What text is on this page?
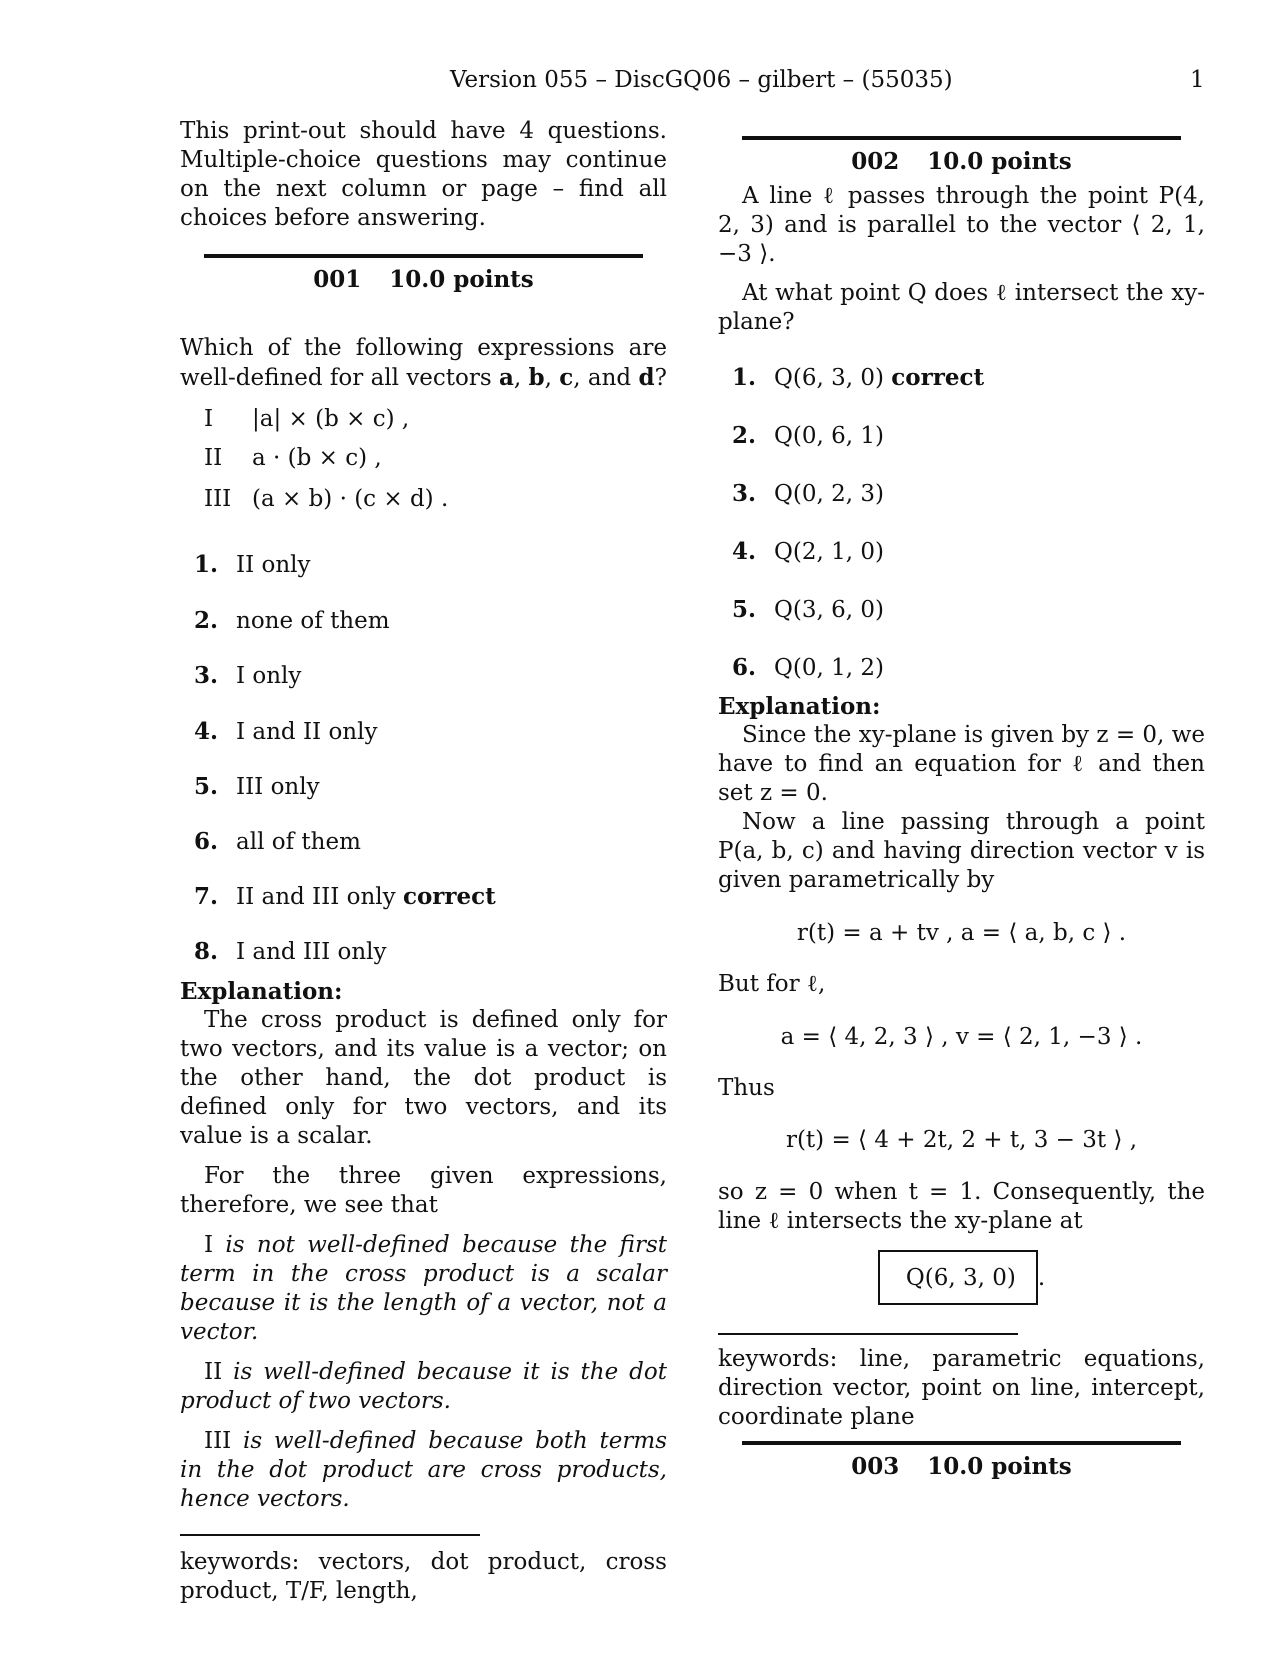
Version 055 – DiscGQ06 – gilbert – (55035)	1

This print-out should have 4 questions. Multiple-choice questions may continue on the next column or page – find all choices before answering.

001 10.0 points

Which of the following expressions are well-defined for all vectors a, b, c, and d?

I |a| × (b × c) ,
II a · (b × c) ,
III (a × b) · (c × d) .
1. II only
2. none of them
3. I only
4. I and II only
5. III only
6. all of them
7. II and III only correct
8. I and III only

Explanation:

The cross product is defined only for two vectors, and its value is a vector; on the other hand, the dot product is defined only for two vectors, and its value is a scalar.

For the three given expressions, therefore, we see that

I is not well-defined because the first term in the cross product is a scalar because it is the length of a vector, not a vector.

II is well-defined because it is the dot product of two vectors.

III is well-defined because both terms in the dot product are cross products, hence vectors.

keywords: vectors, dot product, cross product, T/F, length,

002 10.0 points

A line ℓ passes through the point P(4, 2, 3) and is parallel to the vector ⟨ 2, 1, −3 ⟩.

At what point Q does ℓ intersect the xy-plane?

1. Q(6, 3, 0) correct
2. Q(0, 6, 1)
3. Q(0, 2, 3)
4. Q(2, 1, 0)
5. Q(3, 6, 0)
6. Q(0, 1, 2)

Explanation:

Since the xy-plane is given by z = 0, we have to find an equation for ℓ and then set z = 0.

Now a line passing through a point P(a, b, c) and having direction vector v is given parametrically by

r(t) = a + tv , a = ⟨ a, b, c ⟩ .

But for ℓ,

a = ⟨ 4, 2, 3 ⟩ , v = ⟨ 2, 1, −3 ⟩ .

Thus

r(t) = ⟨ 4 + 2t, 2 + t, 3 − 3t ⟩ ,

so z = 0 when t = 1. Consequently, the line ℓ intersects the xy-plane at

Q(6, 3, 0) .

keywords: line, parametric equations, direction vector, point on line, intercept, coordinate plane

003 10.0 points
